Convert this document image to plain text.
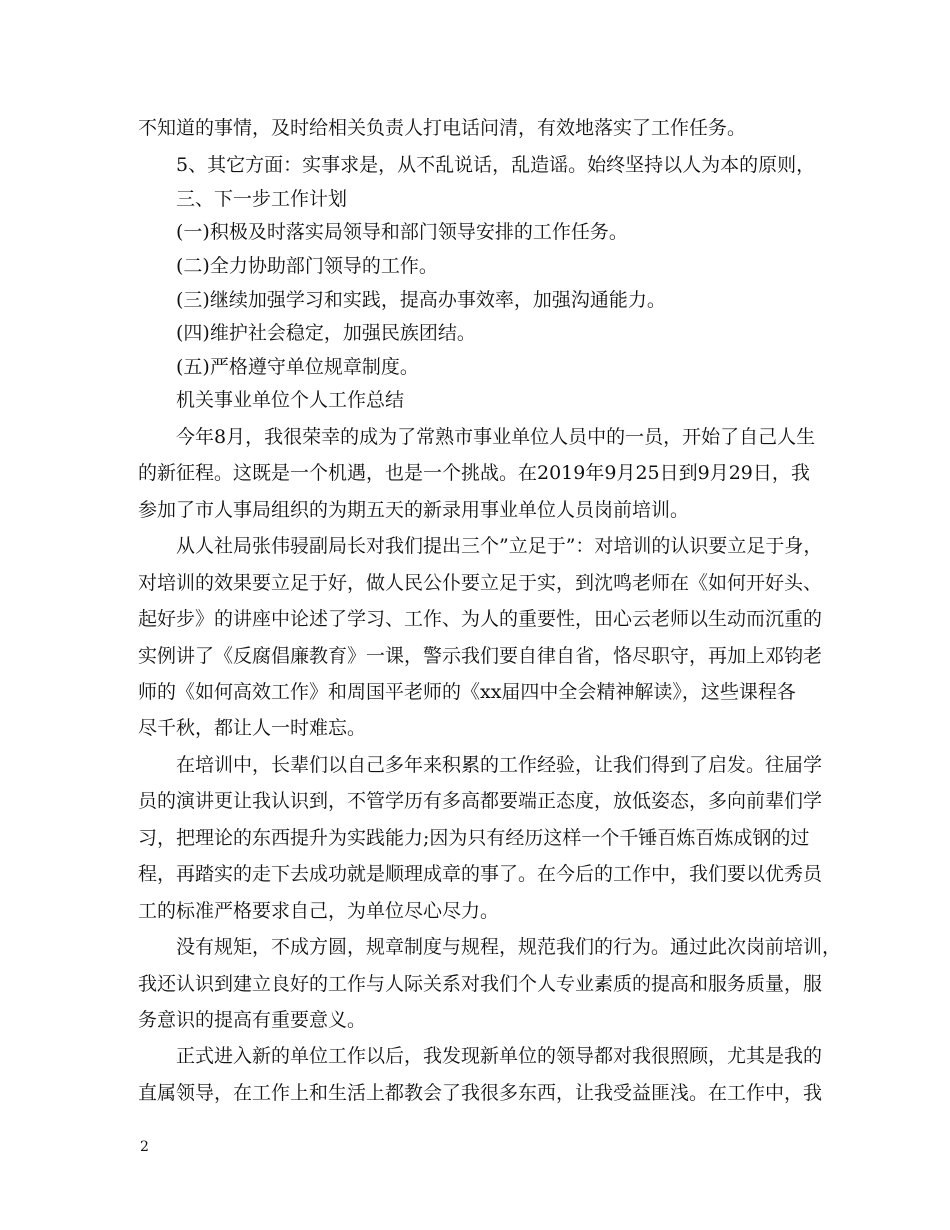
不知道的事情，及时给相关负责人打电话问清，有效地落实了工作任务。
5、其它方面：实事求是，从不乱说话，乱造谣。始终坚持以人为本的原则，
三、下一步工作计划
(一)积极及时落实局领导和部门领导安排的工作任务。
(二)全力协助部门领导的工作。
(三)继续加强学习和实践，提高办事效率，加强沟通能力。
(四)维护社会稳定，加强民族团结。
(五)严格遵守单位规章制度。
机关事业单位个人工作总结
今年8月，我很荣幸的成为了常熟市事业单位人员中的一员，开始了自己人生
的新征程。这既是一个机遇，也是一个挑战。在2019年9月25日到9月29日，我
参加了市人事局组织的为期五天的新录用事业单位人员岗前培训。
从人社局张伟骎副局长对我们提出三个”立足于”：对培训的认识要立足于身，
对培训的效果要立足于好，做人民公仆要立足于实，到沈鸣老师在《如何开好头、
起好步》的讲座中论述了学习、工作、为人的重要性，田心云老师以生动而沉重的
实例讲了《反腐倡廉教育》一课，警示我们要自律自省，恪尽职守，再加上邓钧老
师的《如何高效工作》和周国平老师的《xx届四中全会精神解读》，这些课程各
尽千秋，都让人一时难忘。
在培训中，长辈们以自己多年来积累的工作经验，让我们得到了启发。往届学
员的演讲更让我认识到，不管学历有多高都要端正态度，放低姿态，多向前辈们学
习，把理论的东西提升为实践能力;因为只有经历这样一个千锤百炼百炼成钢的过
程，再踏实的走下去成功就是顺理成章的事了。在今后的工作中，我们要以优秀员
工的标准严格要求自己，为单位尽心尽力。
没有规矩，不成方圆，规章制度与规程，规范我们的行为。通过此次岗前培训，
我还认识到建立良好的工作与人际关系对我们个人专业素质的提高和服务质量，服
务意识的提高有重要意义。
正式进入新的单位工作以后，我发现新单位的领导都对我很照顾，尤其是我的
直属领导，在工作上和生活上都教会了我很多东西，让我受益匪浅。在工作中，我
2
